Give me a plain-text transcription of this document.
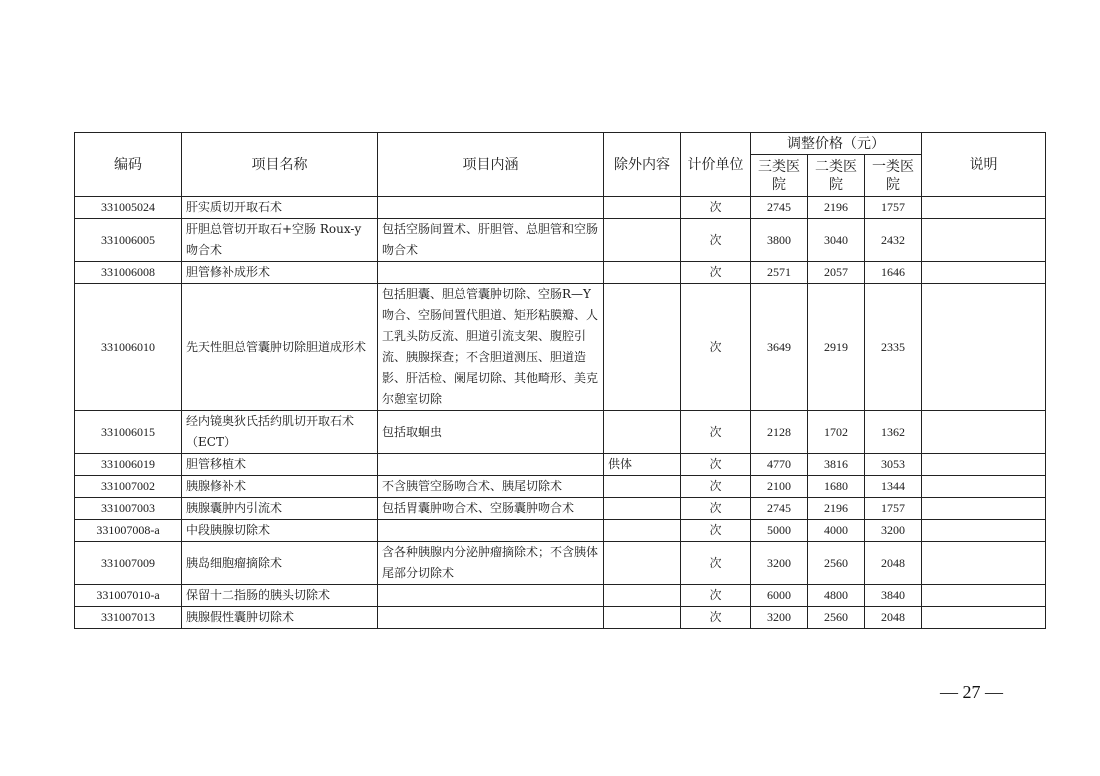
编码	项目名称	项目内涵	除外内容	计价单位	调整价格（元）			说明
					三类医院	二类医院	一类医院	
331005024	肝实质切开取石术			次	2745	2196	1757	
331006005	肝胆总管切开取石+空肠 Roux-y 吻合术	包括空肠间置术、肝胆管、总胆管和空肠吻合术		次	3800	3040	2432	
331006008	胆管修补成形术			次	2571	2057	1646	
331006010	先天性胆总管囊肿切除胆道成形术	包括胆囊、胆总管囊肿切除、空肠R—Y 吻合、空肠间置代胆道、矩形粘膜瓣、人工乳头防反流、胆道引流支架、腹腔引流、胰腺探查；不含胆道测压、胆道造影、肝活检、阑尾切除、其他畸形、美克尔憩室切除		次	3649	2919	2335	
331006015	经内镜奥狄氏括约肌切开取石术（ECT）	包括取蛔虫		次	2128	1702	1362	
331006019	胆管移植术		供体	次	4770	3816	3053	
331007002	胰腺修补术	不含胰管空肠吻合术、胰尾切除术		次	2100	1680	1344	
331007003	胰腺囊肿内引流术	包括胃囊肿吻合术、空肠囊肿吻合术		次	2745	2196	1757	
331007008-a	中段胰腺切除术			次	5000	4000	3200	
331007009	胰岛细胞瘤摘除术	含各种胰腺内分泌肿瘤摘除术；不含胰体尾部分切除术		次	3200	2560	2048	
331007010-a	保留十二指肠的胰头切除术			次	6000	4800	3840	
331007013	胰腺假性囊肿切除术			次	3200	2560	2048	
— 27 —
